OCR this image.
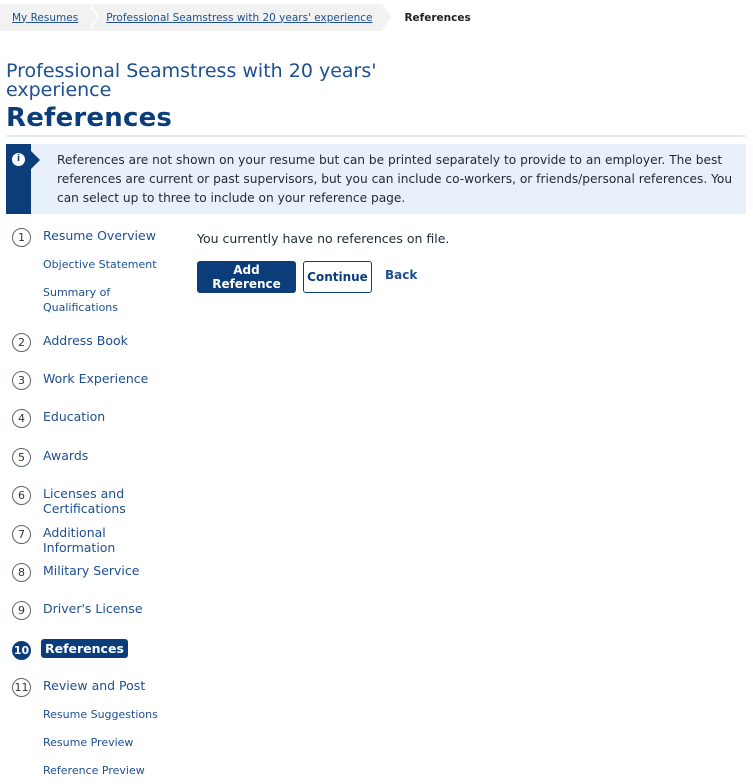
My Resumes	Professional Seamstress with 20 years' experience	References
Professional Seamstress with 20 years' experience
References
i	References are not shown on your resume but can be printed separately to provide to an employer. The best references are current or past supervisors, but you can include co-workers, or friends/personal references. You can select up to three to include on your reference page.
1	Resume Overview
Objective Statement
Summary of Qualifications
2	Address Book
3	Work Experience
4	Education
5	Awards
6	Licenses and Certifications
7	Additional Information
8	Military Service
9	Driver's License
10	References
11 Review and Post
Resume Suggestions
Resume Preview
Reference Preview
You currently have no references on file.
Add Reference	Continue	Back
